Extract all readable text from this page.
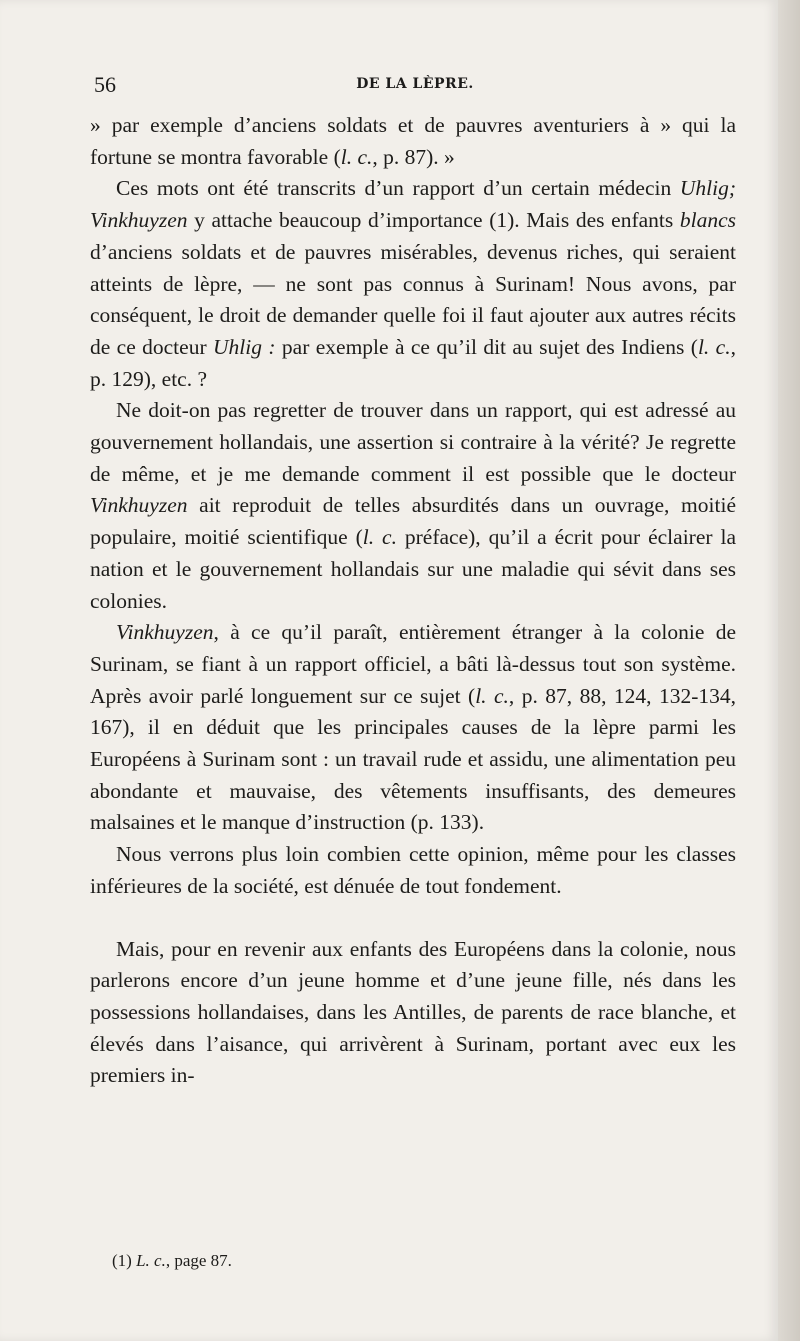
56	DE LA LÈPRE.

» par exemple d’anciens soldats et de pauvres aventuriers à » qui la fortune se montra favorable (l. c., p. 87). »

Ces mots ont été transcrits d’un rapport d’un certain médecin Uhlig; Vinkhuyzen y attache beaucoup d’importance (1). Mais des enfants blancs d’anciens soldats et de pauvres misérables, devenus riches, qui seraient atteints de lèpre, — ne sont pas connus à Surinam! Nous avons, par conséquent, le droit de demander quelle foi il faut ajouter aux autres récits de ce docteur Uhlig : par exemple à ce qu’il dit au sujet des Indiens (l. c., p. 129), etc. ?

Ne doit-on pas regretter de trouver dans un rapport, qui est adressé au gouvernement hollandais, une assertion si contraire à la vérité? Je regrette de même, et je me demande comment il est possible que le docteur Vinkhuyzen ait reproduit de telles absurdités dans un ouvrage, moitié populaire, moitié scientifique (l. c. préface), qu’il a écrit pour éclairer la nation et le gouvernement hollandais sur une maladie qui sévit dans ses colonies.

Vinkhuyzen, à ce qu’il paraît, entièrement étranger à la colonie de Surinam, se fiant à un rapport officiel, a bâti là-dessus tout son système. Après avoir parlé longuement sur ce sujet (l. c., p. 87, 88, 124, 132-134, 167), il en déduit que les principales causes de la lèpre parmi les Européens à Surinam sont : un travail rude et assidu, une alimentation peu abondante et mauvaise, des vêtements insuffisants, des demeures malsaines et le manque d’instruction (p. 133).

Nous verrons plus loin combien cette opinion, même pour les classes inférieures de la société, est dénuée de tout fondement.

Mais, pour en revenir aux enfants des Européens dans la colonie, nous parlerons encore d’un jeune homme et d’une jeune fille, nés dans les possessions hollandaises, dans les Antilles, de parents de race blanche, et élevés dans l’aisance, qui arrivèrent à Surinam, portant avec eux les premiers in-

(1) L. c., page 87.
